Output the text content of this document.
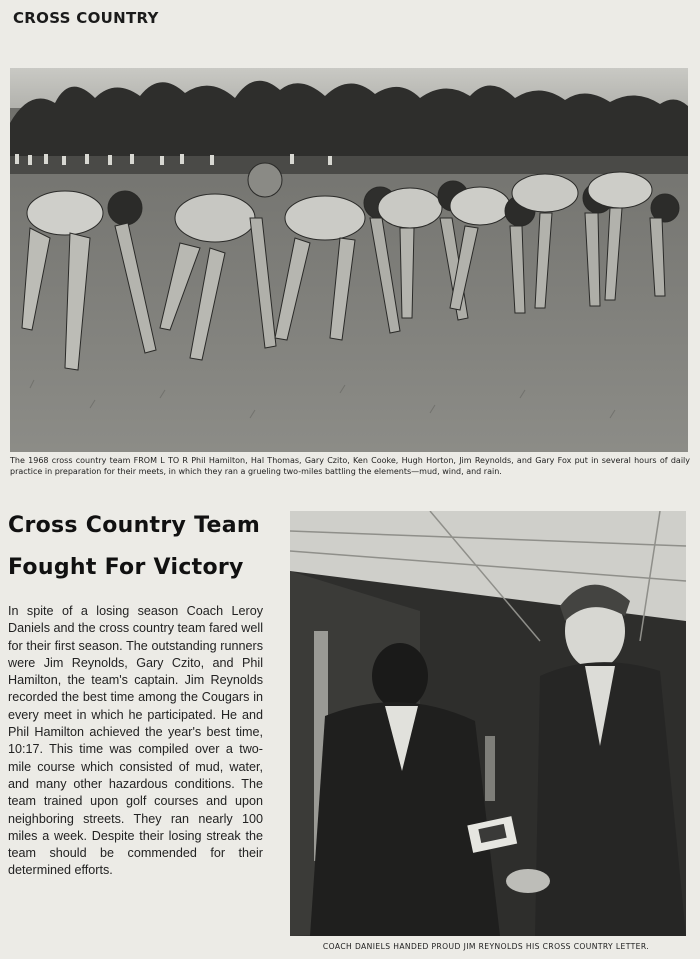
CROSS COUNTRY
The 1968 cross country team FROM L TO R Phil Hamilton, Hal Thomas, Gary Czito, Ken Cooke, Hugh Horton, Jim Reynolds, and Gary Fox put in several hours of daily practice in preparation for their meets, in which they ran a grueling two-miles battling the elements—mud, wind, and rain.
Cross Country Team
Fought For Victory
In spite of a losing season Coach Leroy Daniels and the cross country team fared well for their first season. The outstanding runners were Jim Reynolds, Gary Czito, and Phil Hamilton, the team's captain. Jim Reynolds recorded the best time among the Cougars in every meet in which he participated. He and Phil Hamilton achieved the year's best time, 10:17. This time was compiled over a two-mile course which consisted of mud, water, and many other hazardous conditions. The team trained upon golf courses and upon neighboring streets. They ran nearly 100 miles a week. Despite their losing streak the team should be commended for their determined efforts.
COACH DANIELS HANDED PROUD JIM REYNOLDS HIS CROSS COUNTRY LETTER.
